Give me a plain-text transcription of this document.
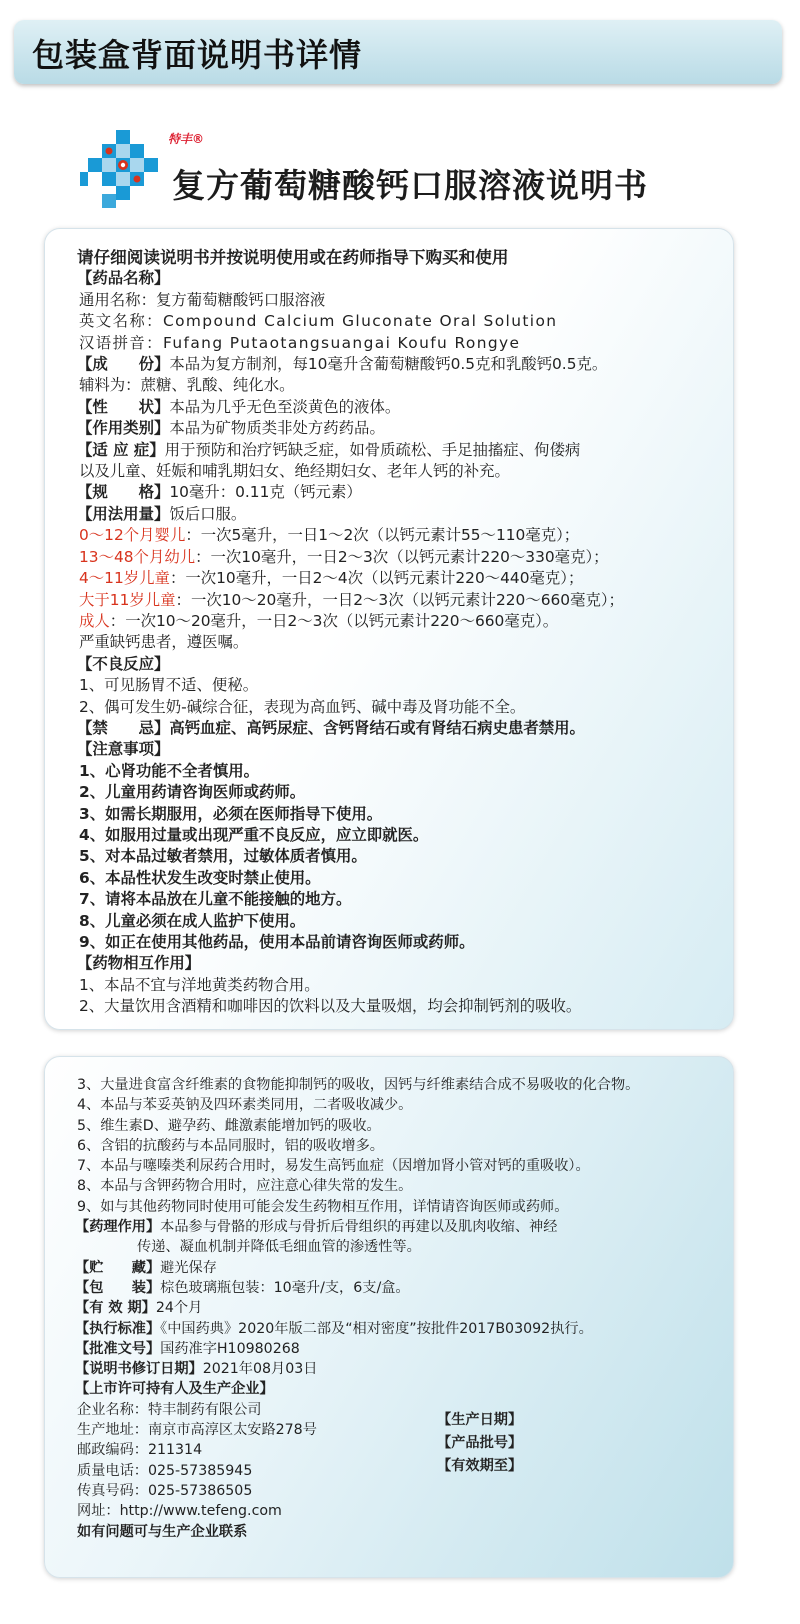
包装盒背面说明书详情
特丰®
复方葡萄糖酸钙口服溶液说明书
请仔细阅读说明书并按说明使用或在药师指导下购买和使用
【药品名称】
通用名称：复方葡萄糖酸钙口服溶液
英文名称：Compound Calcium Gluconate Oral Solution
汉语拼音：Fufang Putaotangsuangai Koufu Rongye
【成　　份】本品为复方制剂，每10毫升含葡萄糖酸钙0.5克和乳酸钙0.5克。
辅料为：蔗糖、乳酸、纯化水。
【性　　状】本品为几乎无色至淡黄色的液体。
【作用类别】本品为矿物质类非处方药药品。
【适 应 症】用于预防和治疗钙缺乏症，如骨质疏松、手足抽搐症、佝偻病
以及儿童、妊娠和哺乳期妇女、绝经期妇女、老年人钙的补充。
【规　　格】10毫升：0.11克（钙元素）
【用法用量】饭后口服。
0～12个月婴儿：一次5毫升，一日1～2次（以钙元素计55～110毫克）；
13～48个月幼儿：一次10毫升，一日2～3次（以钙元素计220～330毫克）；
4～11岁儿童：一次10毫升，一日2～4次（以钙元素计220～440毫克）；
大于11岁儿童：一次10～20毫升，一日2～3次（以钙元素计220～660毫克）；
成人：一次10～20毫升，一日2～3次（以钙元素计220～660毫克）。
严重缺钙患者，遵医嘱。
【不良反应】
1、可见肠胃不适、便秘。
2、偶可发生奶-碱综合征，表现为高血钙、碱中毒及肾功能不全。
【禁　　忌】高钙血症、高钙尿症、含钙肾结石或有肾结石病史患者禁用。
【注意事项】
1、心肾功能不全者慎用。
2、儿童用药请咨询医师或药师。
3、如需长期服用，必须在医师指导下使用。
4、如服用过量或出现严重不良反应，应立即就医。
5、对本品过敏者禁用，过敏体质者慎用。
6、本品性状发生改变时禁止使用。
7、请将本品放在儿童不能接触的地方。
8、儿童必须在成人监护下使用。
9、如正在使用其他药品，使用本品前请咨询医师或药师。
【药物相互作用】
1、本品不宜与洋地黄类药物合用。
2、大量饮用含酒精和咖啡因的饮料以及大量吸烟，均会抑制钙剂的吸收。
3、大量进食富含纤维素的食物能抑制钙的吸收，因钙与纤维素结合成不易吸收的化合物。
4、本品与苯妥英钠及四环素类同用，二者吸收减少。
5、维生素D、避孕药、雌激素能增加钙的吸收。
6、含铝的抗酸药与本品同服时，铝的吸收增多。
7、本品与噻嗪类利尿药合用时，易发生高钙血症（因增加肾小管对钙的重吸收）。
8、本品与含钾药物合用时，应注意心律失常的发生。
9、如与其他药物同时使用可能会发生药物相互作用，详情请咨询医师或药师。
【药理作用】本品参与骨骼的形成与骨折后骨组织的再建以及肌肉收缩、神经
传递、凝血机制并降低毛细血管的渗透性等。
【贮　　藏】避光保存
【包　　装】棕色玻璃瓶包装：10毫升/支，6支/盒。
【有 效 期】24个月
【执行标准】《中国药典》2020年版二部及“相对密度”按批件2017B03092执行。
【批准文号】国药准字H10980268
【说明书修订日期】2021年08月03日
【上市许可持有人及生产企业】
企业名称：特丰制药有限公司
生产地址：南京市高淳区太安路278号
邮政编码：211314
质量电话：025-57385945
传真号码：025-57386505
网址：http://www.tefeng.com
如有问题可与生产企业联系
【生产日期】
【产品批号】
【有效期至】
